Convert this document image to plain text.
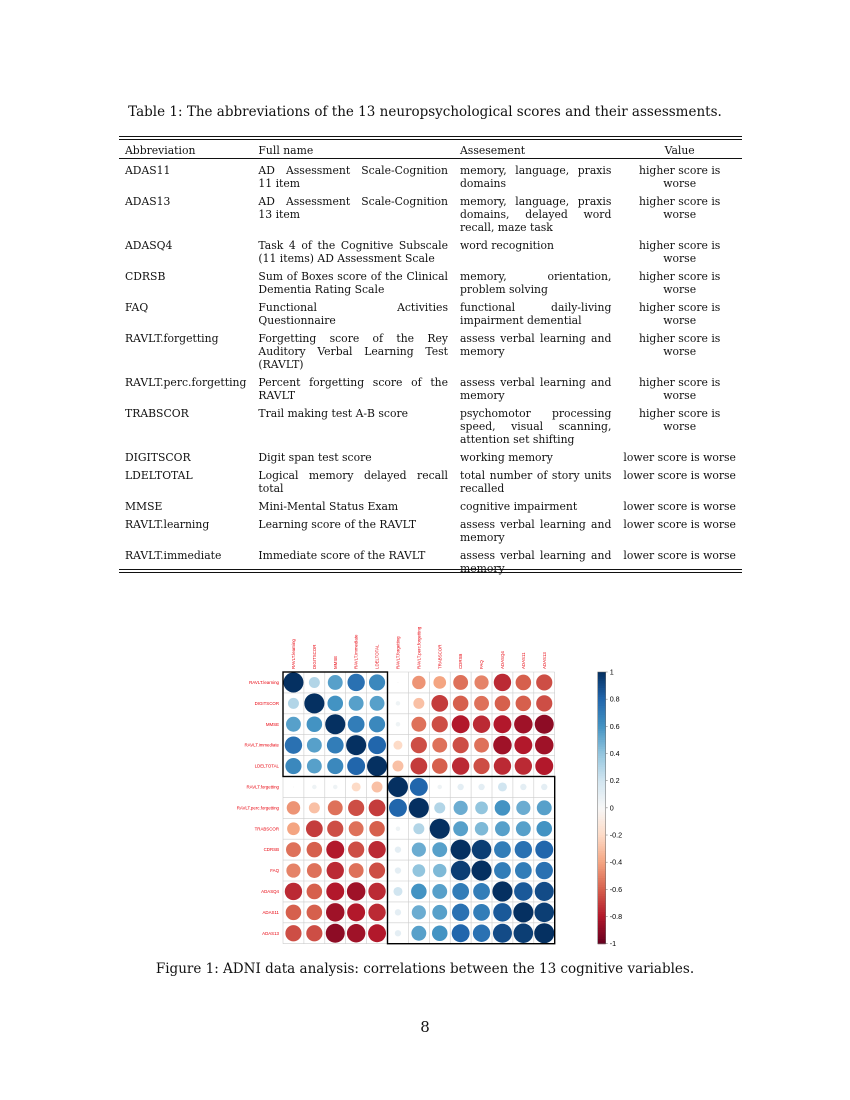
Table 1: The abbreviations of the 13 neuropsychological scores and their assessments.
Abbreviation	Full name	Assesement	Value
ADAS11	AD Assessment Scale-Cognition 11 item	memory, language, praxis domains	higher score is worse
ADAS13	AD Assessment Scale-Cognition 13 item	memory, language, praxis domains, delayed word recall, maze task	higher score is worse
ADASQ4	Task 4 of the Cognitive Subscale (11 items) AD Assessment Scale	word recognition	higher score is worse
CDRSB	Sum of Boxes score of the Clinical Dementia Rating Scale	memory, orientation, problem solving	higher score is worse
FAQ	Functional Activities Questionnaire	functional daily-living impairment demential	higher score is worse
RAVLT.forgetting	Forgetting score of the Rey Auditory Verbal Learning Test (RAVLT)	assess verbal learning and memory	higher score is worse
RAVLT.perc.forgetting	Percent forgetting score of the RAVLT	assess verbal learning and memory	higher score is worse
TRABSCOR	Trail making test A-B score	psychomotor processing speed, visual scanning, attention set shifting	higher score is worse
DIGITSCOR	Digit span test score	working memory	lower score is worse
LDELTOTAL	Logical memory delayed recall total	total number of story units recalled	lower score is worse
MMSE	Mini-Mental Status Exam	cognitive impairment	lower score is worse
RAVLT.learning	Learning score of the RAVLT	assess verbal learning and memory	lower score is worse
RAVLT.immediate	Immediate score of the RAVLT	assess verbal learning and memory	lower score is worse
RAVLT.learning
RAVLT.learning
DIGITSCOR
DIGITSCOR
MMSE
MMSE
RAVLT.immediate
RAVLT.immediate
LDELTOTAL
LDELTOTAL
RAVLT.forgetting
RAVLT.forgetting
RAVLT.perc.forgetting
RAVLT.perc.forgetting
TRABSCOR
TRABSCOR
CDRSB
CDRSB
FAQ
FAQ
ADASQ4
ADASQ4
ADAS11
ADAS11
ADAS13
ADAS13
1
0.8
0.6
0.4
0.2
0
-0.2
-0.4
-0.6
-0.8
-1
Figure 1: ADNI data analysis: correlations between the 13 cognitive variables.
8
